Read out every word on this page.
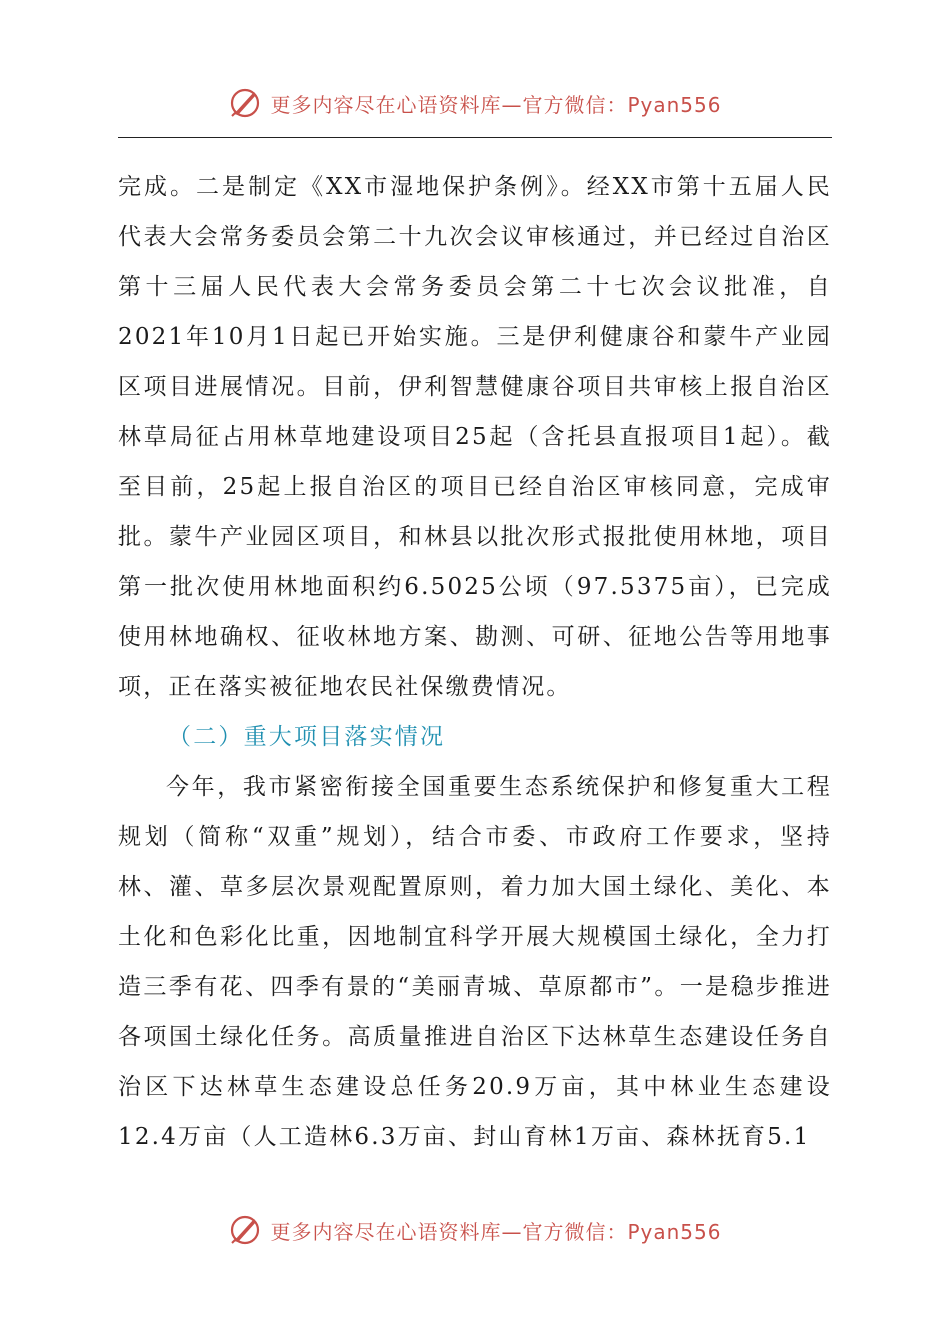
更多内容尽在心语资料库—官方微信：Pyan556

完成。二是制定《XX市湿地保护条例》。经XX市第十五届人民代表大会常务委员会第二十九次会议审核通过，并已经过自治区第十三届人民代表大会常务委员会第二十七次会议批准，自2021年10月1日起已开始实施。三是伊利健康谷和蒙牛产业园区项目进展情况。目前，伊利智慧健康谷项目共审核上报自治区林草局征占用林草地建设项目25起（含托县直报项目1起）。截至目前，25起上报自治区的项目已经自治区审核同意，完成审批。蒙牛产业园区项目，和林县以批次形式报批使用林地，项目第一批次使用林地面积约6.5025公顷（97.5375亩），已完成使用林地确权、征收林地方案、勘测、可研、征地公告等用地事项，正在落实被征地农民社保缴费情况。

（二）重大项目落实情况

今年，我市紧密衔接全国重要生态系统保护和修复重大工程规划（简称“双重”规划），结合市委、市政府工作要求，坚持林、灌、草多层次景观配置原则，着力加大国土绿化、美化、本土化和色彩化比重，因地制宜科学开展大规模国土绿化，全力打造三季有花、四季有景的“美丽青城、草原都市”。一是稳步推进各项国土绿化任务。高质量推进自治区下达林草生态建设任务自治区下达林草生态建设总任务20.9万亩，其中林业生态建设12.4万亩（人工造林6.3万亩、封山育林1万亩、森林抚育5.1

更多内容尽在心语资料库—官方微信：Pyan556
